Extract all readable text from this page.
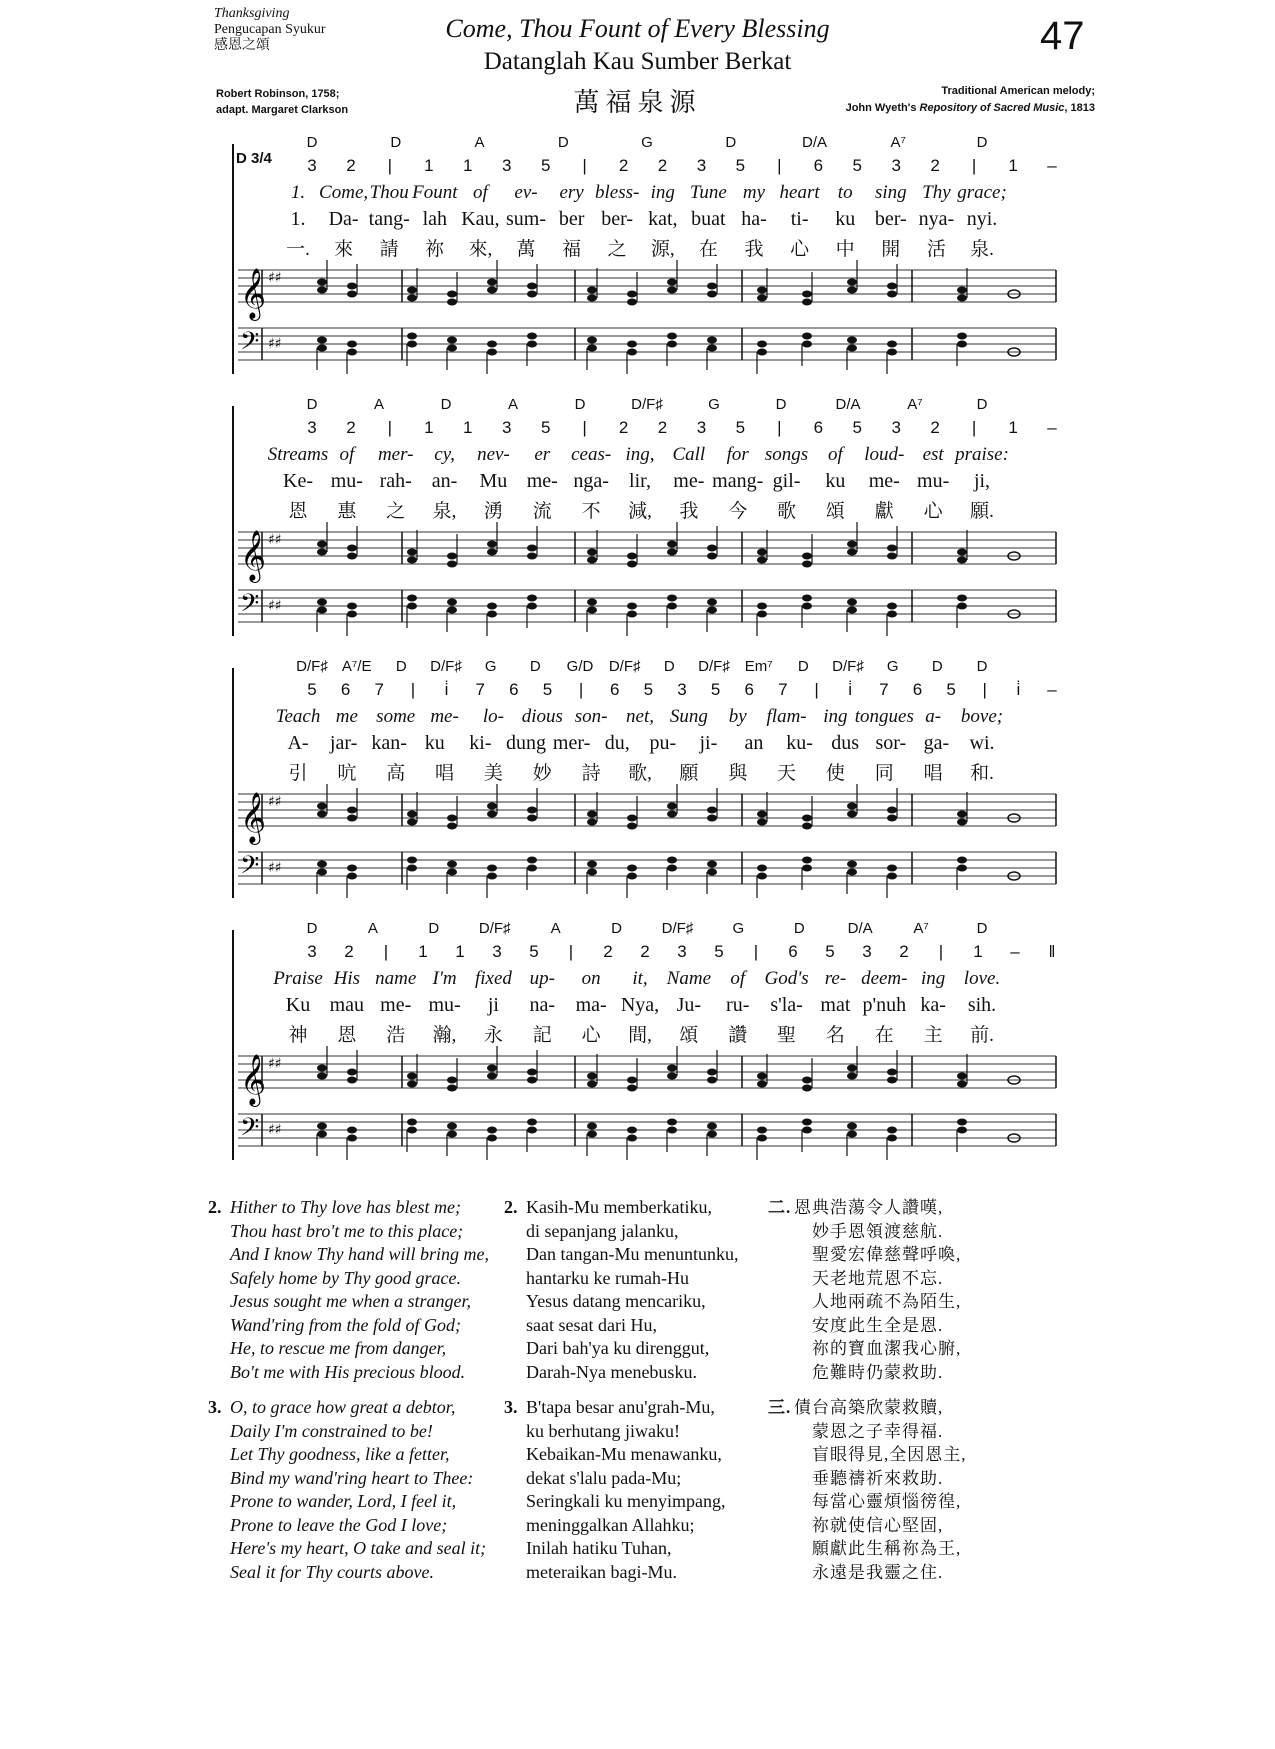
Thanksgiving
Pengucapan Syukur
感恩之頌
Come, Thou Fount of Every Blessing
Datanglah Kau Sumber Berkat
萬福泉源
47
Robert Robinson, 1758;
adapt. Margaret Clarkson
Traditional American melody;
John Wyeth's Repository of Sacred Music, 1813
D 3/4
D	D	A	D	G	D	D/A	A⁷	D
3 2 | 1 1 3 5 | 2 2 3 5 | 6 5 3 2 | 1 –
1. Come, Thou Fount of ev- ery bless- ing Tune my heart to sing Thy grace;
1. Da- tang- lah Kau, sum- ber ber- kat, buat ha- ti- ku ber- nya- nyi.
一. 來 請 祢 來, 萬 福 之 源, 在 我 心 中 開 活 泉.
𝄞 ♯♯
𝄢 ♯♯
D	A	D	A	D	D/F♯	G	D	D/A	A⁷	D
3 2 | 1 1 3 5 | 2 2 3 5 | 6 5 3 2 | 1 –
Streams of mer- cy, nev- er ceas- ing, Call for songs of loud- est praise:
Ke- mu- rah- an- Mu me- nga- lir, me- mang- gil- ku me- mu- ji,
恩 惠 之 泉, 湧 流 不 減, 我 今 歌 頌 獻 心 願.
𝄞 ♯♯
𝄢 ♯♯
D/F♯ A⁷/E D D/F♯ G D G/D D/F♯ D D/F♯ Em⁷ D D/F♯ G D D
5 6 7 | i̇ 7 6 5 | 6 5 3 5 6 7 | i̇ 7 6 5 | i̇ –
Teach me some me- lo- dious son- net, Sung by flam- ing tongues a- bove;
A- jar- kan- ku ki- dung mer- du, pu- ji- an ku- dus sor- ga- wi.
引 吭 高 唱 美 妙 詩 歌, 願 與 天 使 同 唱 和.
𝄞 ♯♯
𝄢 ♯♯
D	A	D	D/F♯	A	D	D/F♯	G	D	D/A	A⁷	D
3 2 | 1 1 3 5 | 2 2 3 5 | 6 5 3 2 | 1 – ‖
Praise His name I'm fixed up- on it, Name of God's re- deem- ing love.
Ku mau me- mu- ji na- ma- Nya, Ju- ru- s'la- mat p'nuh ka- sih.
神 恩 浩 瀚, 永 記 心 間, 頌 讚 聖 名 在 主 前.
𝄞 ♯♯
𝄢 ♯♯
2. Hither to Thy love has blest me;
Thou hast bro't me to this place;
And I know Thy hand will bring me,
Safely home by Thy good grace.
Jesus sought me when a stranger,
Wand'ring from the fold of God;
He, to rescue me from danger,
Bo't me with His precious blood.
2. Kasih-Mu memberkatiku,
di sepanjang jalanku,
Dan tangan-Mu menuntunku,
hantarku ke rumah-Hu
Yesus datang mencariku,
saat sesat dari Hu,
Dari bah'ya ku direnggut,
Darah-Nya menebusku.
二. 恩典浩蕩令人讚嘆,
妙手恩領渡慈航.
聖愛宏偉慈聲呼喚,
天老地荒恩不忘.
人地兩疏不為陌生,
安度此生全是恩.
祢的寶血潔我心腑,
危難時仍蒙救助.
3. O, to grace how great a debtor,
Daily I'm constrained to be!
Let Thy goodness, like a fetter,
Bind my wand'ring heart to Thee:
Prone to wander, Lord, I feel it,
Prone to leave the God I love;
Here's my heart, O take and seal it;
Seal it for Thy courts above.
3. B'tapa besar anu'grah-Mu,
ku berhutang jiwaku!
Kebaikan-Mu menawanku,
dekat s'lalu pada-Mu;
Seringkali ku menyimpang,
meninggalkan Allahku;
Inilah hatiku Tuhan,
meteraikan bagi-Mu.
三. 債台高築欣蒙救贖,
蒙恩之子幸得福.
盲眼得見,全因恩主,
垂聽禱祈來救助.
每當心靈煩惱徬徨,
祢就使信心堅固,
願獻此生稱祢為王,
永遠是我靈之住.
